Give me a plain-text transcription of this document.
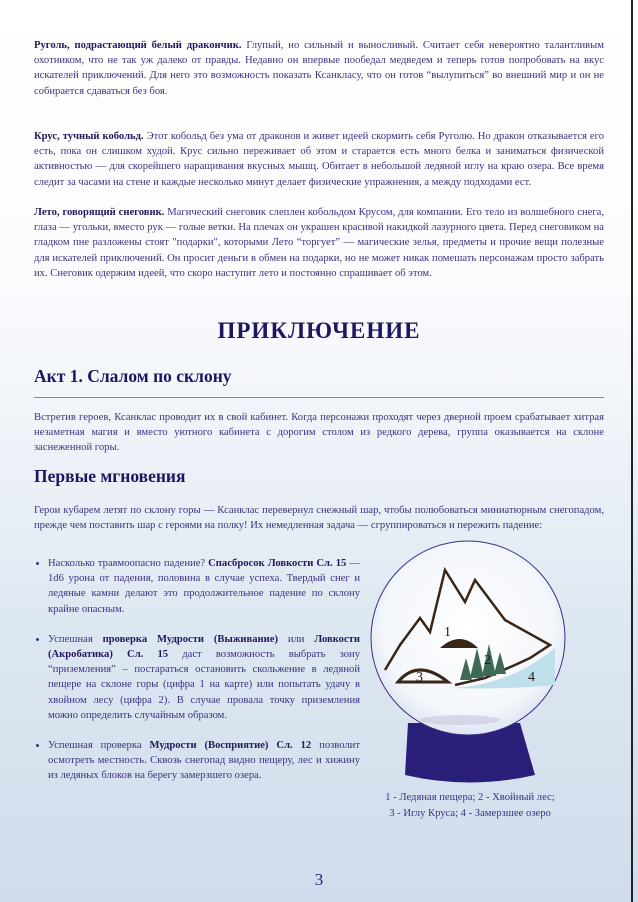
Руголь, подрастающий белый дракончик. Глупый, но сильный и выносливый. Считает себя невероятно талантливым охотником, что не так уж далеко от правды. Недавно он впервые пообедал медведем и теперь готов попробовать на вкус искателей приключений. Для него это возможность показать Ксанкласу, что он готов “вылупиться” во внешний мир и он не собирается сдаваться без боя.

Крус, тучный кобольд. Этот кобольд без ума от драконов и живет идеей скормить себя Руголю. Но дракон отказывается его есть, пока он слишком худой. Крус сильно переживает об этом и старается есть много белка и заниматься физической активностью — для скорейшего наращивания вкусных мышц. Обитает в небольшой ледяной иглу на краю озера. Все время следит за часами на стене и каждые несколько минут делает физические упражнения, а между подходами ест.

Лето, говорящий снеговик. Магический снеговик слеплен кобольдом Крусом, для компании. Его тело из волшебного снега, глаза — угольки, вместо рук — голые ветки. На плечах он украшен красивой накидкой лазурного цвета. Перед снеговиком на гладком пне разложены стоят "подарки", которыми Лето “торгует” — магические зелья, предметы и прочие вещи полезные для искателей приключений. Он просит деньги в обмен на подарки, но не может никак помешать персонажам просто забрать их. Снеговик одержим идеей, что скоро наступит лето и постоянно спрашивает об этом.

ПРИКЛЮЧЕНИЕ
Акт 1. Слалом по склону

Встретив героев, Ксанклас проводит их в свой кабинет. Когда персонажи проходят через дверной проем срабатывает хитрая незаметная магия и вместо уютного кабинета с дорогим столом из редкого дерева, группа оказывается на склоне заснеженной горы.

Первые мгновения

Герои кубарем летят по склону горы — Ксанклас перевернул снежный шар, чтобы полюбоваться миниатюрным снегопадом, прежде чем поставить шар с героями на полку! Их немедленная задача — сгруппироваться и пережить падение:

• Насколько травмоопасно падение? Спасбросок Ловкости Сл. 15 — 1d6 урона от падения, половина в случае успеха. Твердый снег и ледяные камни делают это продолжительное падение по склону крайне опасным.
• Успешная проверка Мудрости (Выживание) или Ловкости (Акробатика) Сл. 15 даст возможность выбрать зону “приземления” – постараться остановить скольжение в ледяной пещере на склоне горы (цифра 1 на карте) или попытать удачу в хвойном лесу (цифра 2). В случае провала точку приземления можно определить случайным образом.
• Успешная проверка Мудрости (Восприятие) Сл. 12 позволит осмотреть местность. Сквозь снегопад видно пещеру, лес и хижину из ледяных блоков на берегу замерзшего озера.
1
2
3	4
1 - Ледяная пещера; 2 - Хвойный лес;
3 - Иглу Круса; 4 - Замерзшее озеро
3
